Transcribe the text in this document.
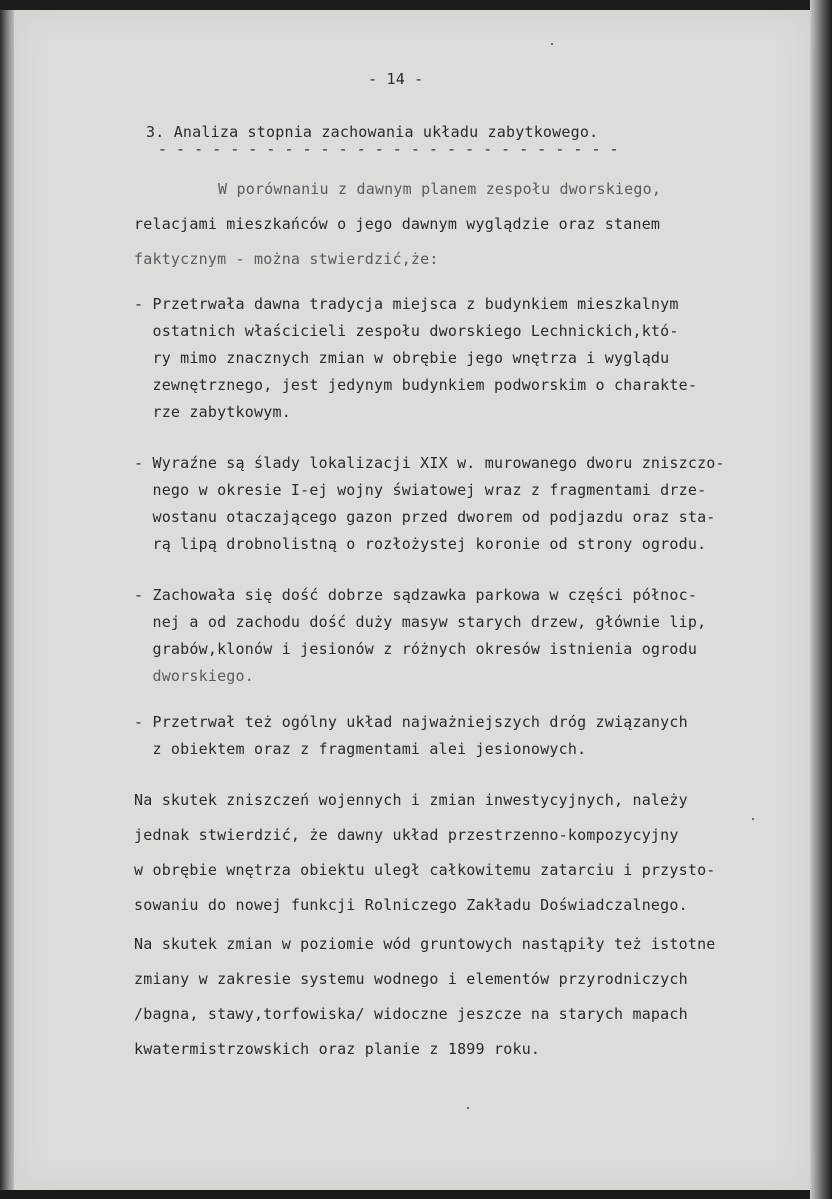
- 14 -
3. Analiza stopnia zachowania układu zabytkowego.
- - - - - - - - - - - - - - - - - - - - - - - - - -
W porównaniu z dawnym planem zespołu dworskiego,
relacjami mieszkańców o jego dawnym wyglądzie oraz stanem
faktycznym - można stwierdzić,że:
- Przetrwała dawna tradycja miejsca z budynkiem mieszkalnym
ostatnich właścicieli zespołu dworskiego Lechnickich,któ-
ry mimo znacznych zmian w obrębie jego wnętrza i wyglądu
zewnętrznego, jest jedynym budynkiem podworskim o charakte-
rze zabytkowym.
- Wyraźne są ślady lokalizacji XIX w. murowanego dworu zniszczo-
nego w okresie I-ej wojny światowej wraz z fragmentami drze-
wostanu otaczającego gazon przed dworem od podjazdu oraz sta-
rą lipą drobnolistną o rozłożystej koronie od strony ogrodu.
- Zachowała się dość dobrze sądzawka parkowa w części północ-
nej a od zachodu dość duży masyw starych drzew, głównie lip,
grabów,klonów i jesionów z różnych okresów istnienia ogrodu
dworskiego.
- Przetrwał też ogólny układ najważniejszych dróg związanych
z obiektem oraz z fragmentami alei jesionowych.
Na skutek zniszczeń wojennych i zmian inwestycyjnych, należy
jednak stwierdzić, że dawny układ przestrzenno-kompozycyjny
w obrębie wnętrza obiektu uległ całkowitemu zatarciu i przysto-
sowaniu do nowej funkcji Rolniczego Zakładu Doświadczalnego.
Na skutek zmian w poziomie wód gruntowych nastąpiły też istotne
zmiany w zakresie systemu wodnego i elementów przyrodniczych
/bagna, stawy,torfowiska/ widoczne jeszcze na starych mapach
kwatermistrzowskich oraz planie z 1899 roku.
